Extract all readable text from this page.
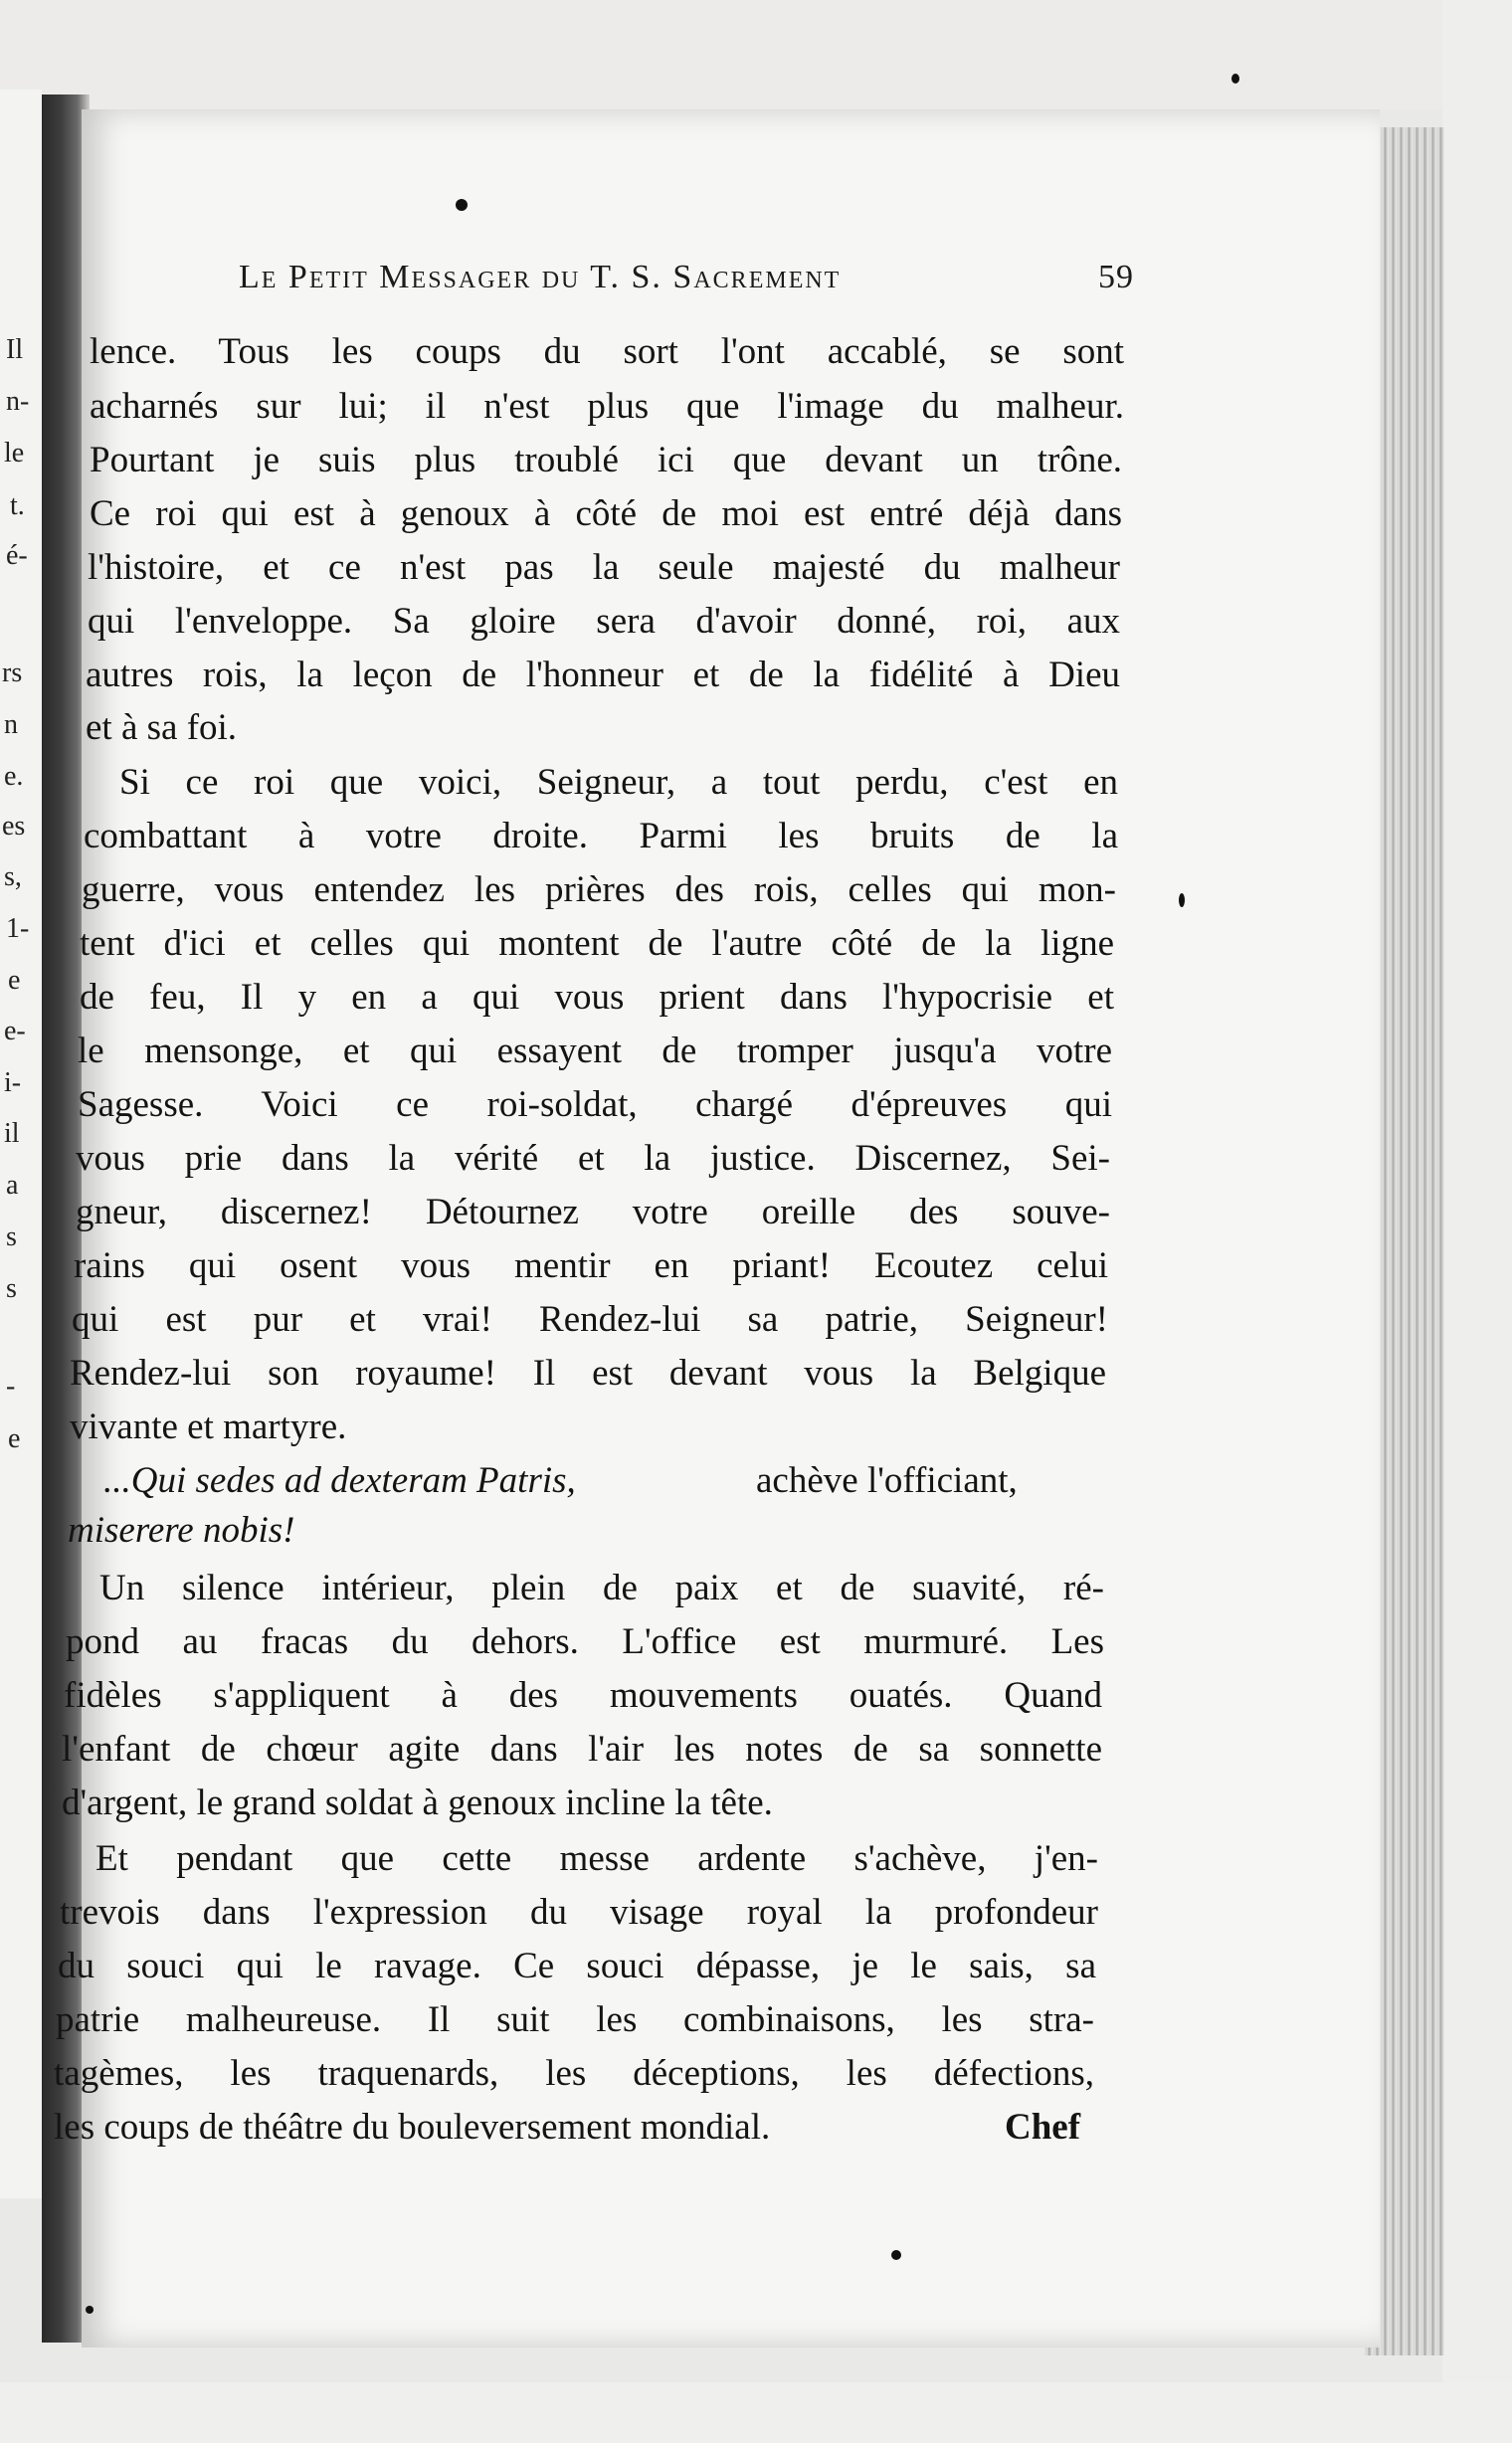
Il
n-
le
t.
é-
rs
n
e.
es
s,
1-
e
e-
i-
il
a
s
s
-
e
Le Petit Messager du T. S. Sacrement	59
lence. Tous les coups du sort l'ont accablé, se sont
acharnés sur lui; il n'est plus que l'image du malheur.
Pourtant je suis plus troublé ici que devant un trône.
Ce roi qui est à genoux à côté de moi est entré déjà dans
l'histoire, et ce n'est pas la seule majesté du malheur
qui l'enveloppe. Sa gloire sera d'avoir donné, roi, aux
autres rois, la leçon de l'honneur et de la fidélité à Dieu
et à sa foi.
Si ce roi que voici, Seigneur, a tout perdu, c'est en
combattant à votre droite. Parmi les bruits de la
guerre, vous entendez les prières des rois, celles qui mon-
tent d'ici et celles qui montent de l'autre côté de la ligne
de feu, Il y en a qui vous prient dans l'hypocrisie et
le mensonge, et qui essayent de tromper jusqu'a votre
Sagesse. Voici ce roi-soldat, chargé d'épreuves qui
vous prie dans la vérité et la justice. Discernez, Sei-
gneur, discernez! Détournez votre oreille des souve-
rains qui osent vous mentir en priant! Ecoutez celui
qui est pur et vrai! Rendez-lui sa patrie, Seigneur!
Rendez-lui son royaume! Il est devant vous la Belgique
vivante et martyre.
...Qui sedes ad dexteram Patris,	achève l'officiant,
miserere nobis!
Un silence intérieur, plein de paix et de suavité, ré-
pond au fracas du dehors. L'office est murmuré. Les
fidèles s'appliquent à des mouvements ouatés. Quand
l'enfant de chœur agite dans l'air les notes de sa sonnette
d'argent, le grand soldat à genoux incline la tête.
Et pendant que cette messe ardente s'achève, j'en-
trevois dans l'expression du visage royal la profondeur
du souci qui le ravage. Ce souci dépasse, je le sais, sa
patrie malheureuse. Il suit les combinaisons, les stra-
tagèmes, les traquenards, les déceptions, les défections,
les coups de théâtre du bouleversement mondial.	Chef
